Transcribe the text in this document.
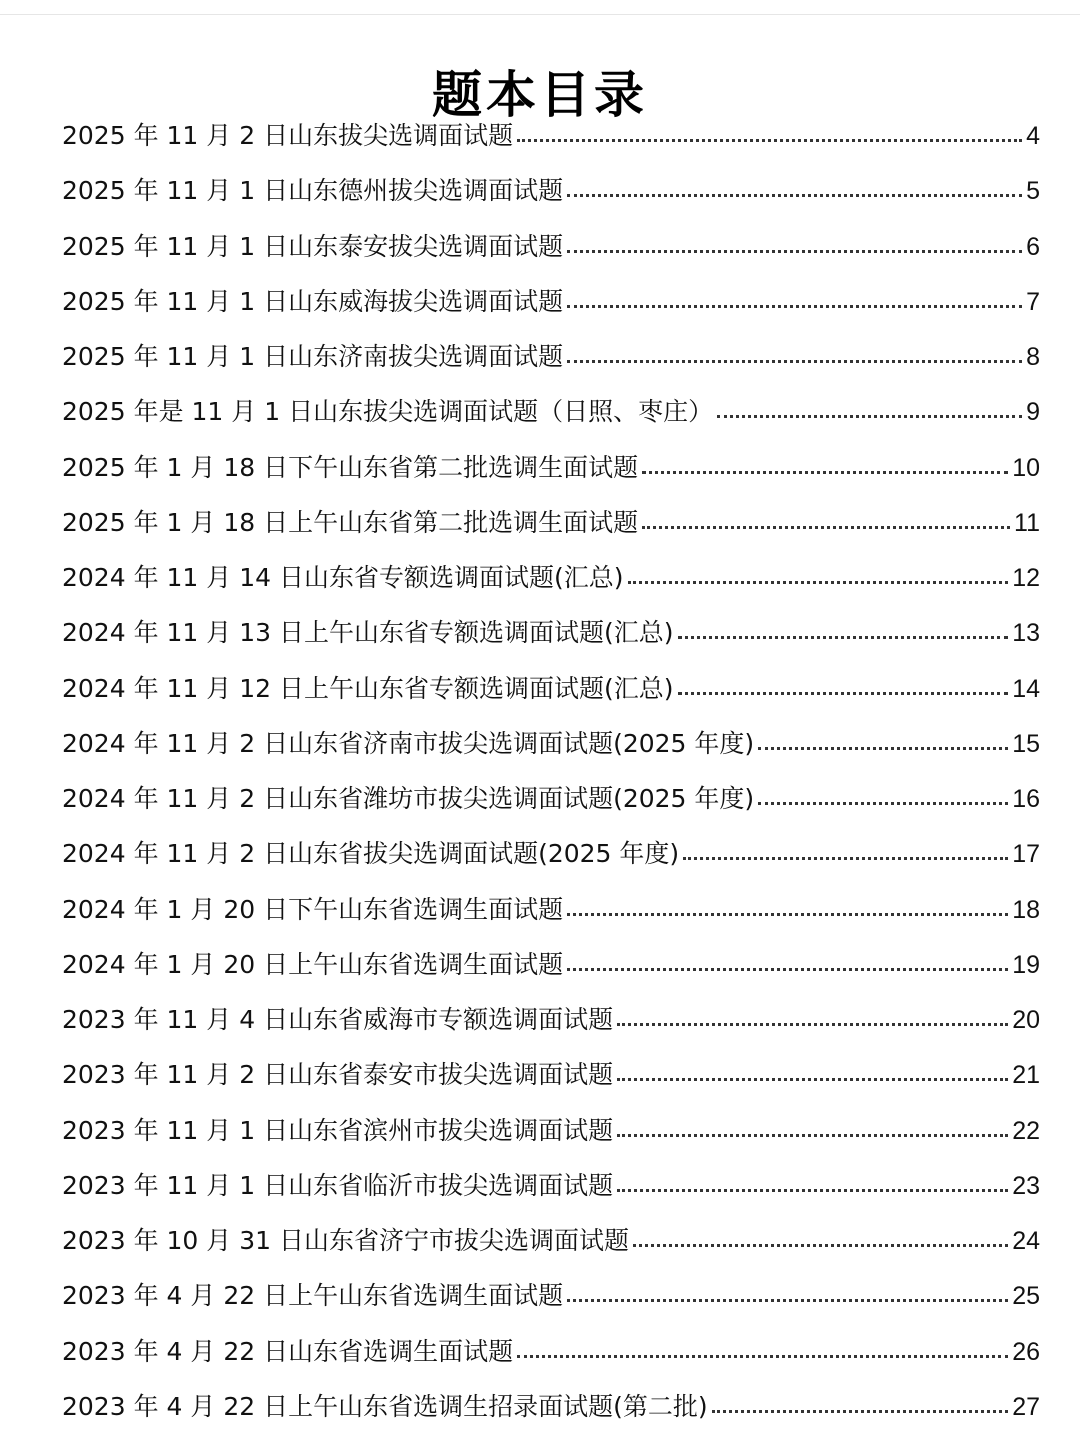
题本目录
2025 年 11 月 2 日山东拔尖选调面试题	4
2025 年 11 月 1 日山东德州拔尖选调面试题	5
2025 年 11 月 1 日山东泰安拔尖选调面试题	6
2025 年 11 月 1 日山东威海拔尖选调面试题	7
2025 年 11 月 1 日山东济南拔尖选调面试题	8
2025 年是 11 月 1 日山东拔尖选调面试题（日照、枣庄）	9
2025 年 1 月 18 日下午山东省第二批选调生面试题	10
2025 年 1 月 18 日上午山东省第二批选调生面试题	11
2024 年 11 月 14 日山东省专额选调面试题(汇总)	12
2024 年 11 月 13 日上午山东省专额选调面试题(汇总)	13
2024 年 11 月 12 日上午山东省专额选调面试题(汇总)	14
2024 年 11 月 2 日山东省济南市拔尖选调面试题(2025 年度)	15
2024 年 11 月 2 日山东省潍坊市拔尖选调面试题(2025 年度)	16
2024 年 11 月 2 日山东省拔尖选调面试题(2025 年度)	17
2024 年 1 月 20 日下午山东省选调生面试题	18
2024 年 1 月 20 日上午山东省选调生面试题	19
2023 年 11 月 4 日山东省威海市专额选调面试题	20
2023 年 11 月 2 日山东省泰安市拔尖选调面试题	21
2023 年 11 月 1 日山东省滨州市拔尖选调面试题	22
2023 年 11 月 1 日山东省临沂市拔尖选调面试题	23
2023 年 10 月 31 日山东省济宁市拔尖选调面试题	24
2023 年 4 月 22 日上午山东省选调生面试题	25
2023 年 4 月 22 日山东省选调生面试题	26
2023 年 4 月 22 日上午山东省选调生招录面试题(第二批)	27
